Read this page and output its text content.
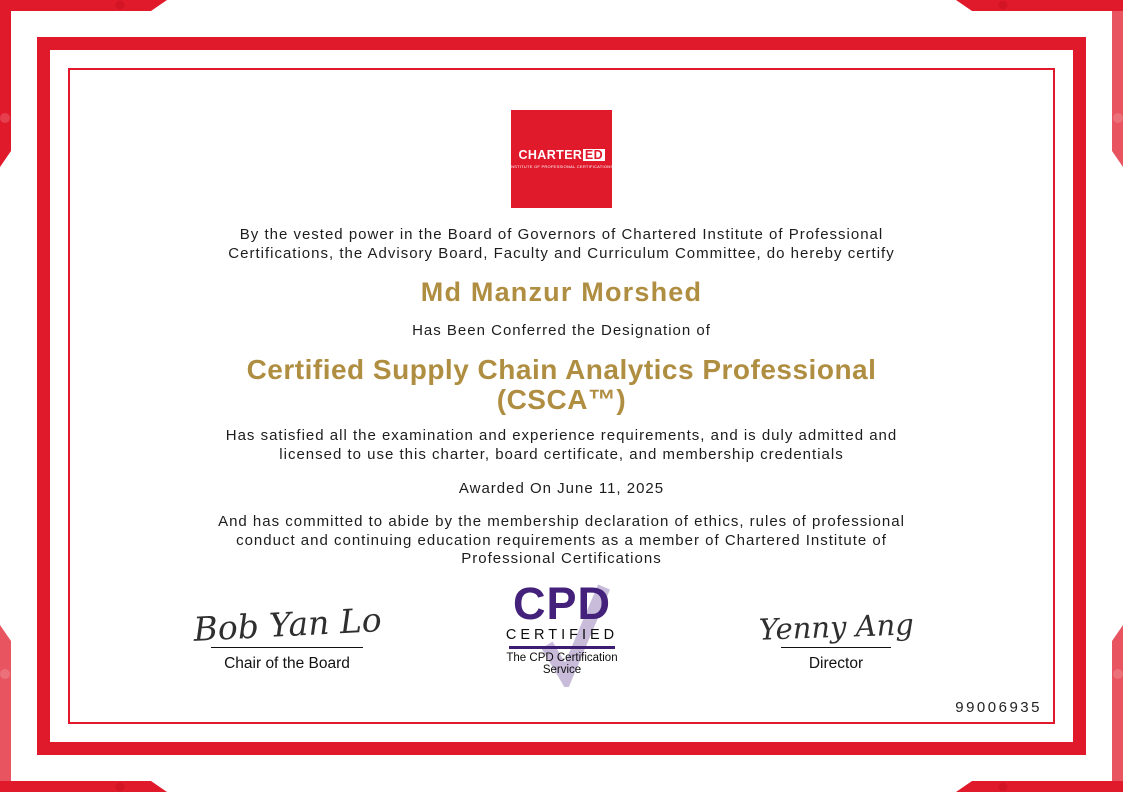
CHARTER ED
INSTITUTE OF PROFESSIONAL CERTIFICATIONS
By the vested power in the Board of Governors of Chartered Institute of Professional
Certifications, the Advisory Board, Faculty and Curriculum Committee, do hereby certify
Md Manzur Morshed
Has Been Conferred the Designation of
Certified Supply Chain Analytics Professional
(CSCA™)
Has satisfied all the examination and experience requirements, and is duly admitted and
licensed to use this charter, board certificate, and membership credentials
Awarded On June 11, 2025
And has committed to abide by the membership declaration of ethics, rules of professional
conduct and continuing education requirements as a member of Chartered Institute of
Professional Certifications
Bob Yan Lo
Chair of the Board
CPD
CERTIFIED
The CPD Certification
Service
Yenny Ang
Director
99006935
